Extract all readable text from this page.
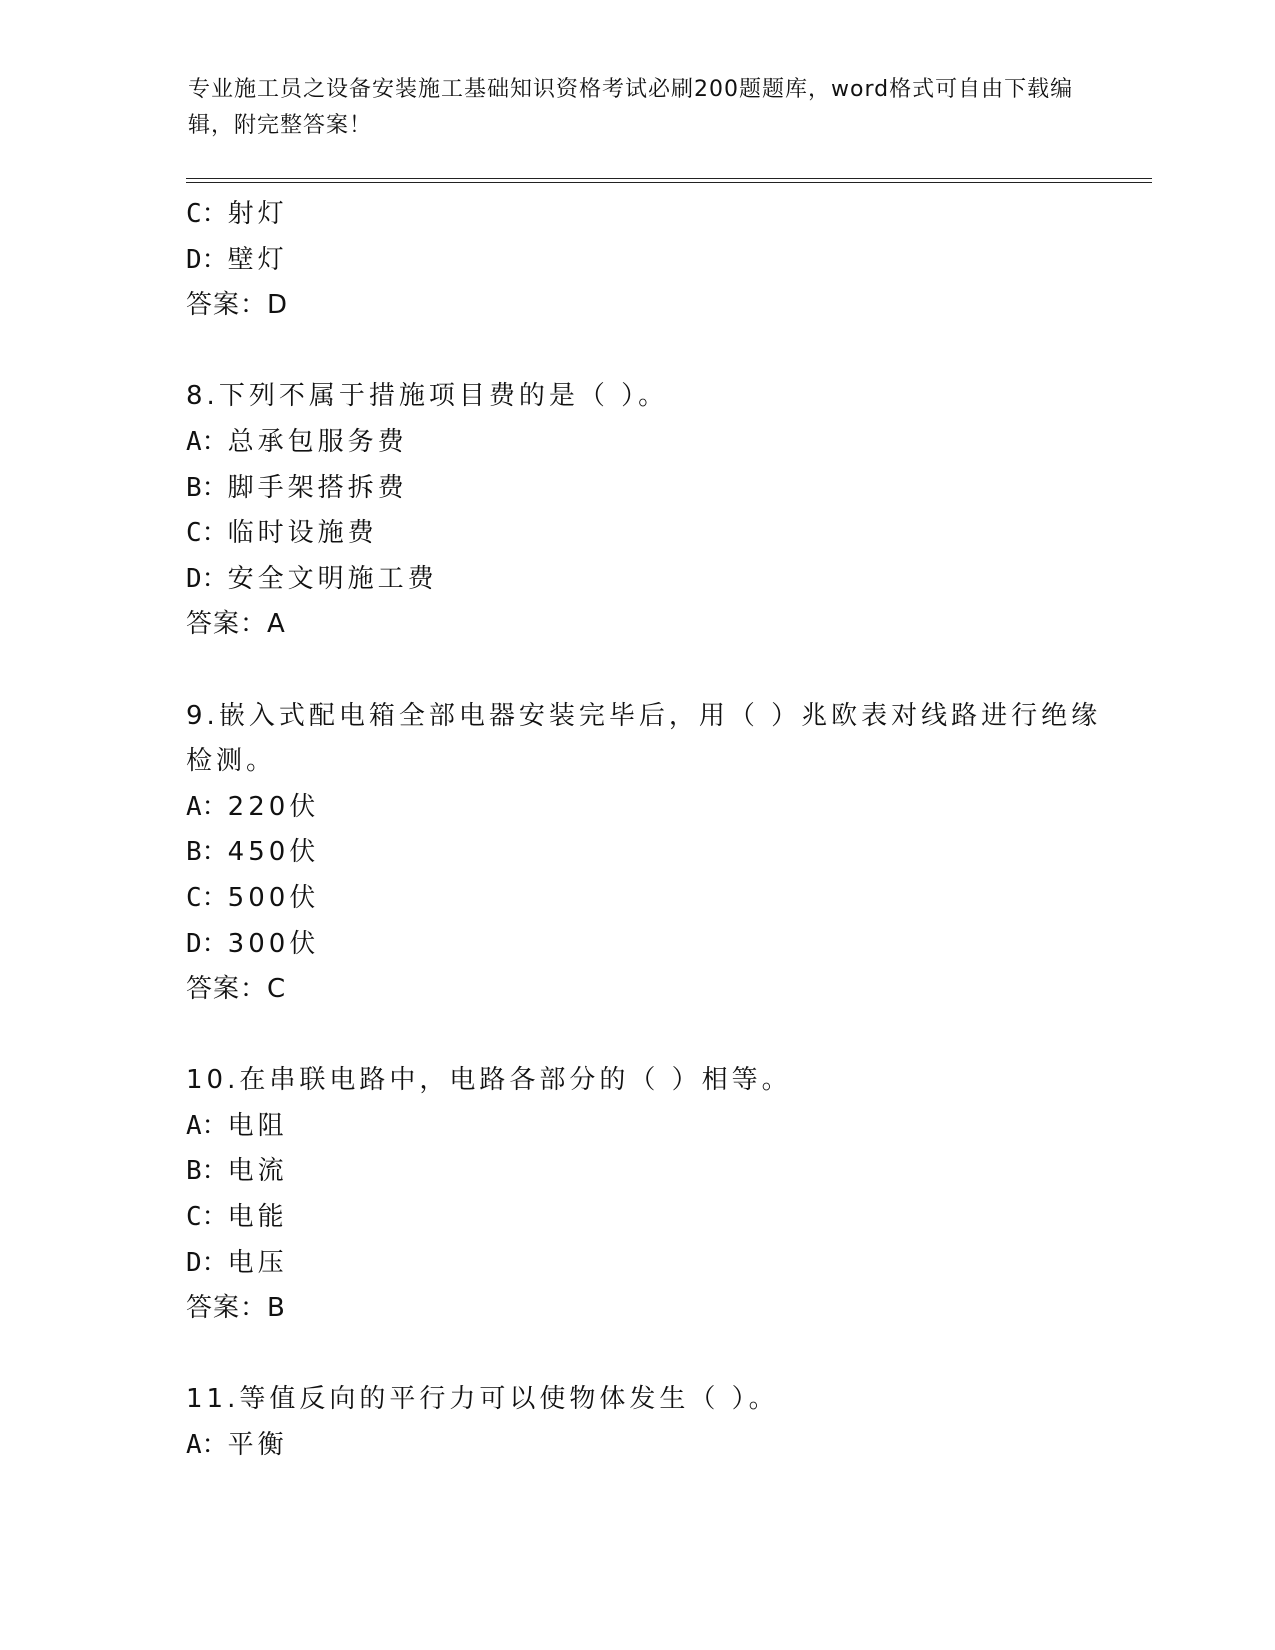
专业施工员之设备安装施工基础知识资格考试必刷200题题库，word格式可自由下载编辑，附完整答案！
C：射灯
D：壁灯
答案：D
8.下列不属于措施项目费的是（ ）。
A：总承包服务费
B：脚手架搭拆费
C：临时设施费
D：安全文明施工费
答案：A
9.嵌入式配电箱全部电器安装完毕后，用（ ）兆欧表对线路进行绝缘
检测。
A：220伏
B：450伏
C：500伏
D：300伏
答案：C
10.在串联电路中，电路各部分的（ ）相等。
A：电阻
B：电流
C：电能
D：电压
答案：B
11.等值反向的平行力可以使物体发生（ ）。
A：平衡
